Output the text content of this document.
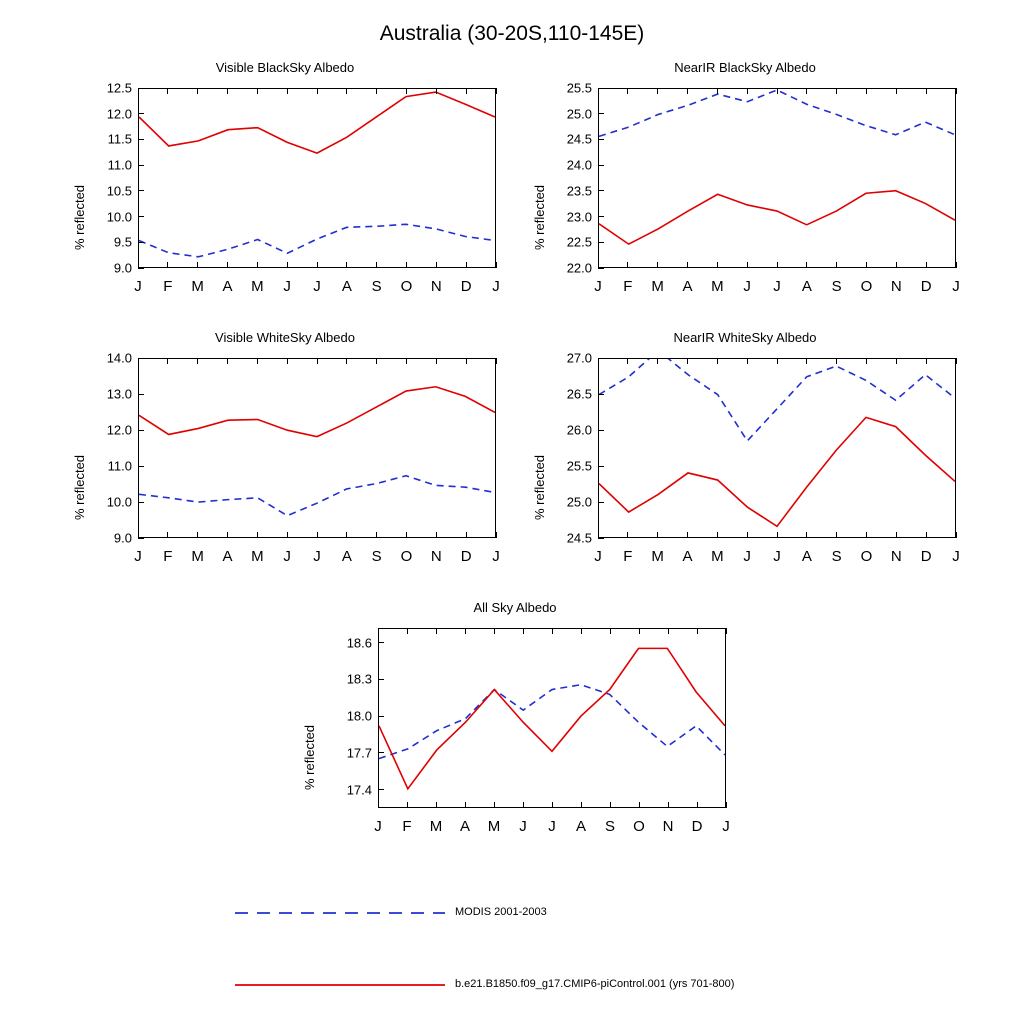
Australia (30-20S,110-145E)
Visible BlackSky Albedo
% reflected
9.0
9.5
10.0
10.5
11.0
11.5
12.0
12.5
J F M A M J J A S O N D J
NearIR BlackSky Albedo
% reflected
22.0
22.5
23.0
23.5
24.0
24.5
25.0
25.5
J F M A M J J A S O N D J
Visible WhiteSky Albedo
% reflected
9.0
10.0
11.0
12.0
13.0
14.0
J F M A M J J A S O N D J
NearIR WhiteSky Albedo
% reflected
24.5
25.0
25.5
26.0
26.5
27.0
J F M A M J J A S O N D J
All Sky Albedo
% reflected	17.4
17.7
18.0
18.3
18.6
J F M A M J J A S O N D J
MODIS 2001-2003
b.e21.B1850.f09_g17.CMIP6-piControl.001 (yrs 701-800)
